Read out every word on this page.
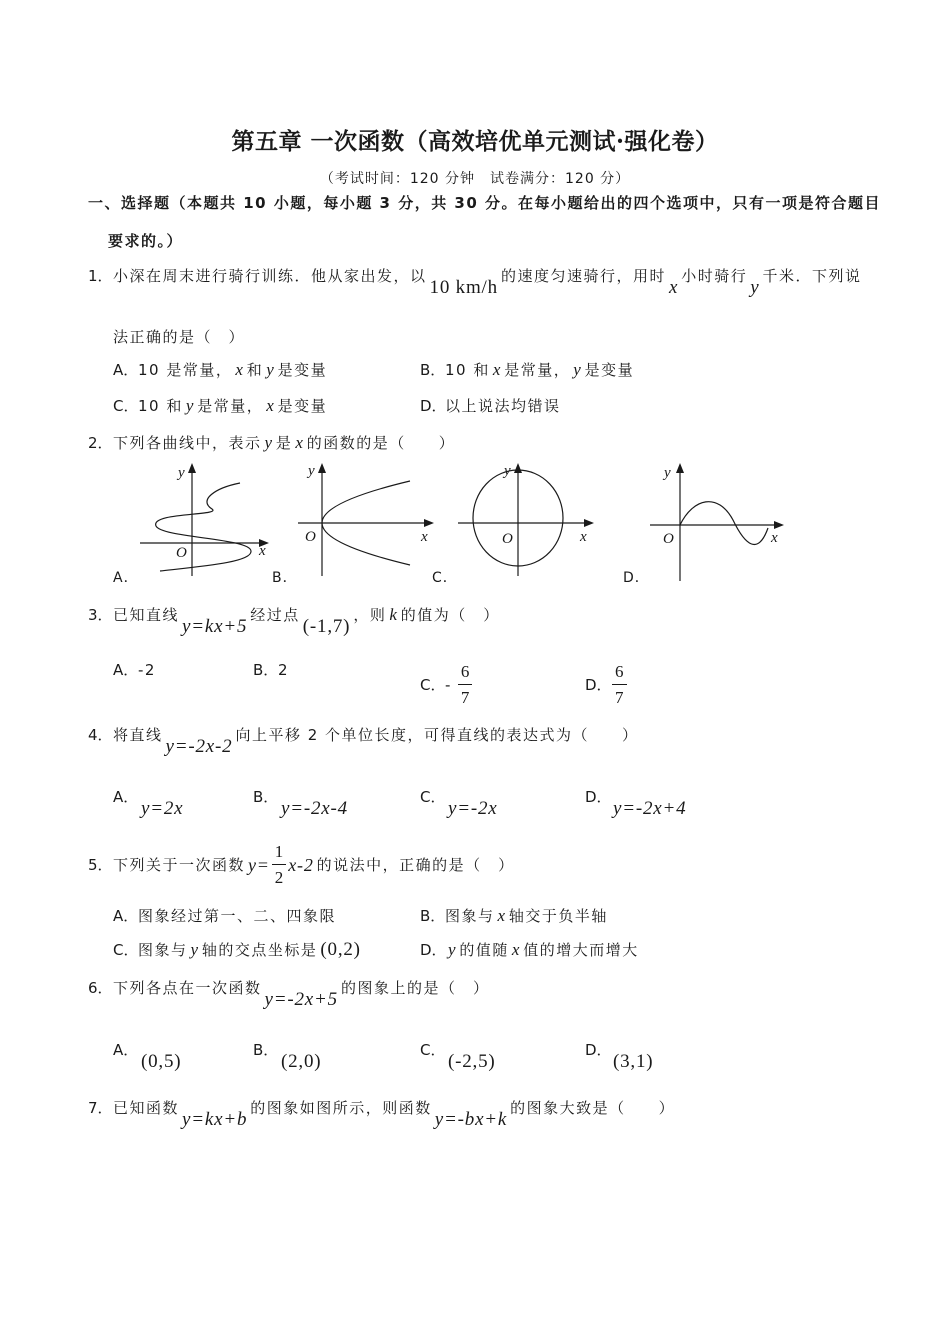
第五章 一次函数（高效培优单元测试·强化卷）
（考试时间：120 分钟　试卷满分：120 分）
一、选择题（本题共 10 小题，每小题 3 分，共 30 分。在每小题给出的四个选项中，只有一项是符合题目
要求的。）
1． 小深在周末进行骑行训练．他从家出发，以
10 km/h
的速度匀速骑行，用时
x
小时骑行
y
千米．下列说
法正确的是（　）
A． 10 是常量， x 和 y 是变量	B． 10 和 x 是常量， y 是变量
C． 10 和 y 是常量， x 是变量	D．
以上说法均错误
2． 下列各曲线中，表示 y 是 x 的函数的是（　　）
y
O	x
y
O	x
y
O	x
y
O	x
A．	B．	C．	D．
3． 已知直线
y=kx+5
经过点
(-1,7)
，则 k 的值为（　）
A． -2	B． 2
C． - $\frac{6}{7}$	D． $\frac{6}{7}$
4． 将直线
y=-2x-2
向上平移 2 个单位长度，可得直线的表达式为（　　）
A．
y=2x
B．
y=-2x-4
C．
y=-2x
D．
y=-2x+4
5． 下列关于一次函数 $y= \frac{1}{2} x-2$ 的说法中，正确的是（　）
A． 图象经过第一、二、四象限	B． 图象与 x 轴交于负半轴
C． 图象与 y 轴的交点坐标是 (0,2)	D． y 的值随 x 值的增大而增大
6． 下列各点在一次函数
y=-2x+5
的图象上的是（　）
A．
(0,5)
B．
(2,0)
C．
(-2,5)
D．
(3,1)
7． 已知函数
y=kx+b
的图象如图所示，则函数
y=-bx+k
的图象大致是（　　）
